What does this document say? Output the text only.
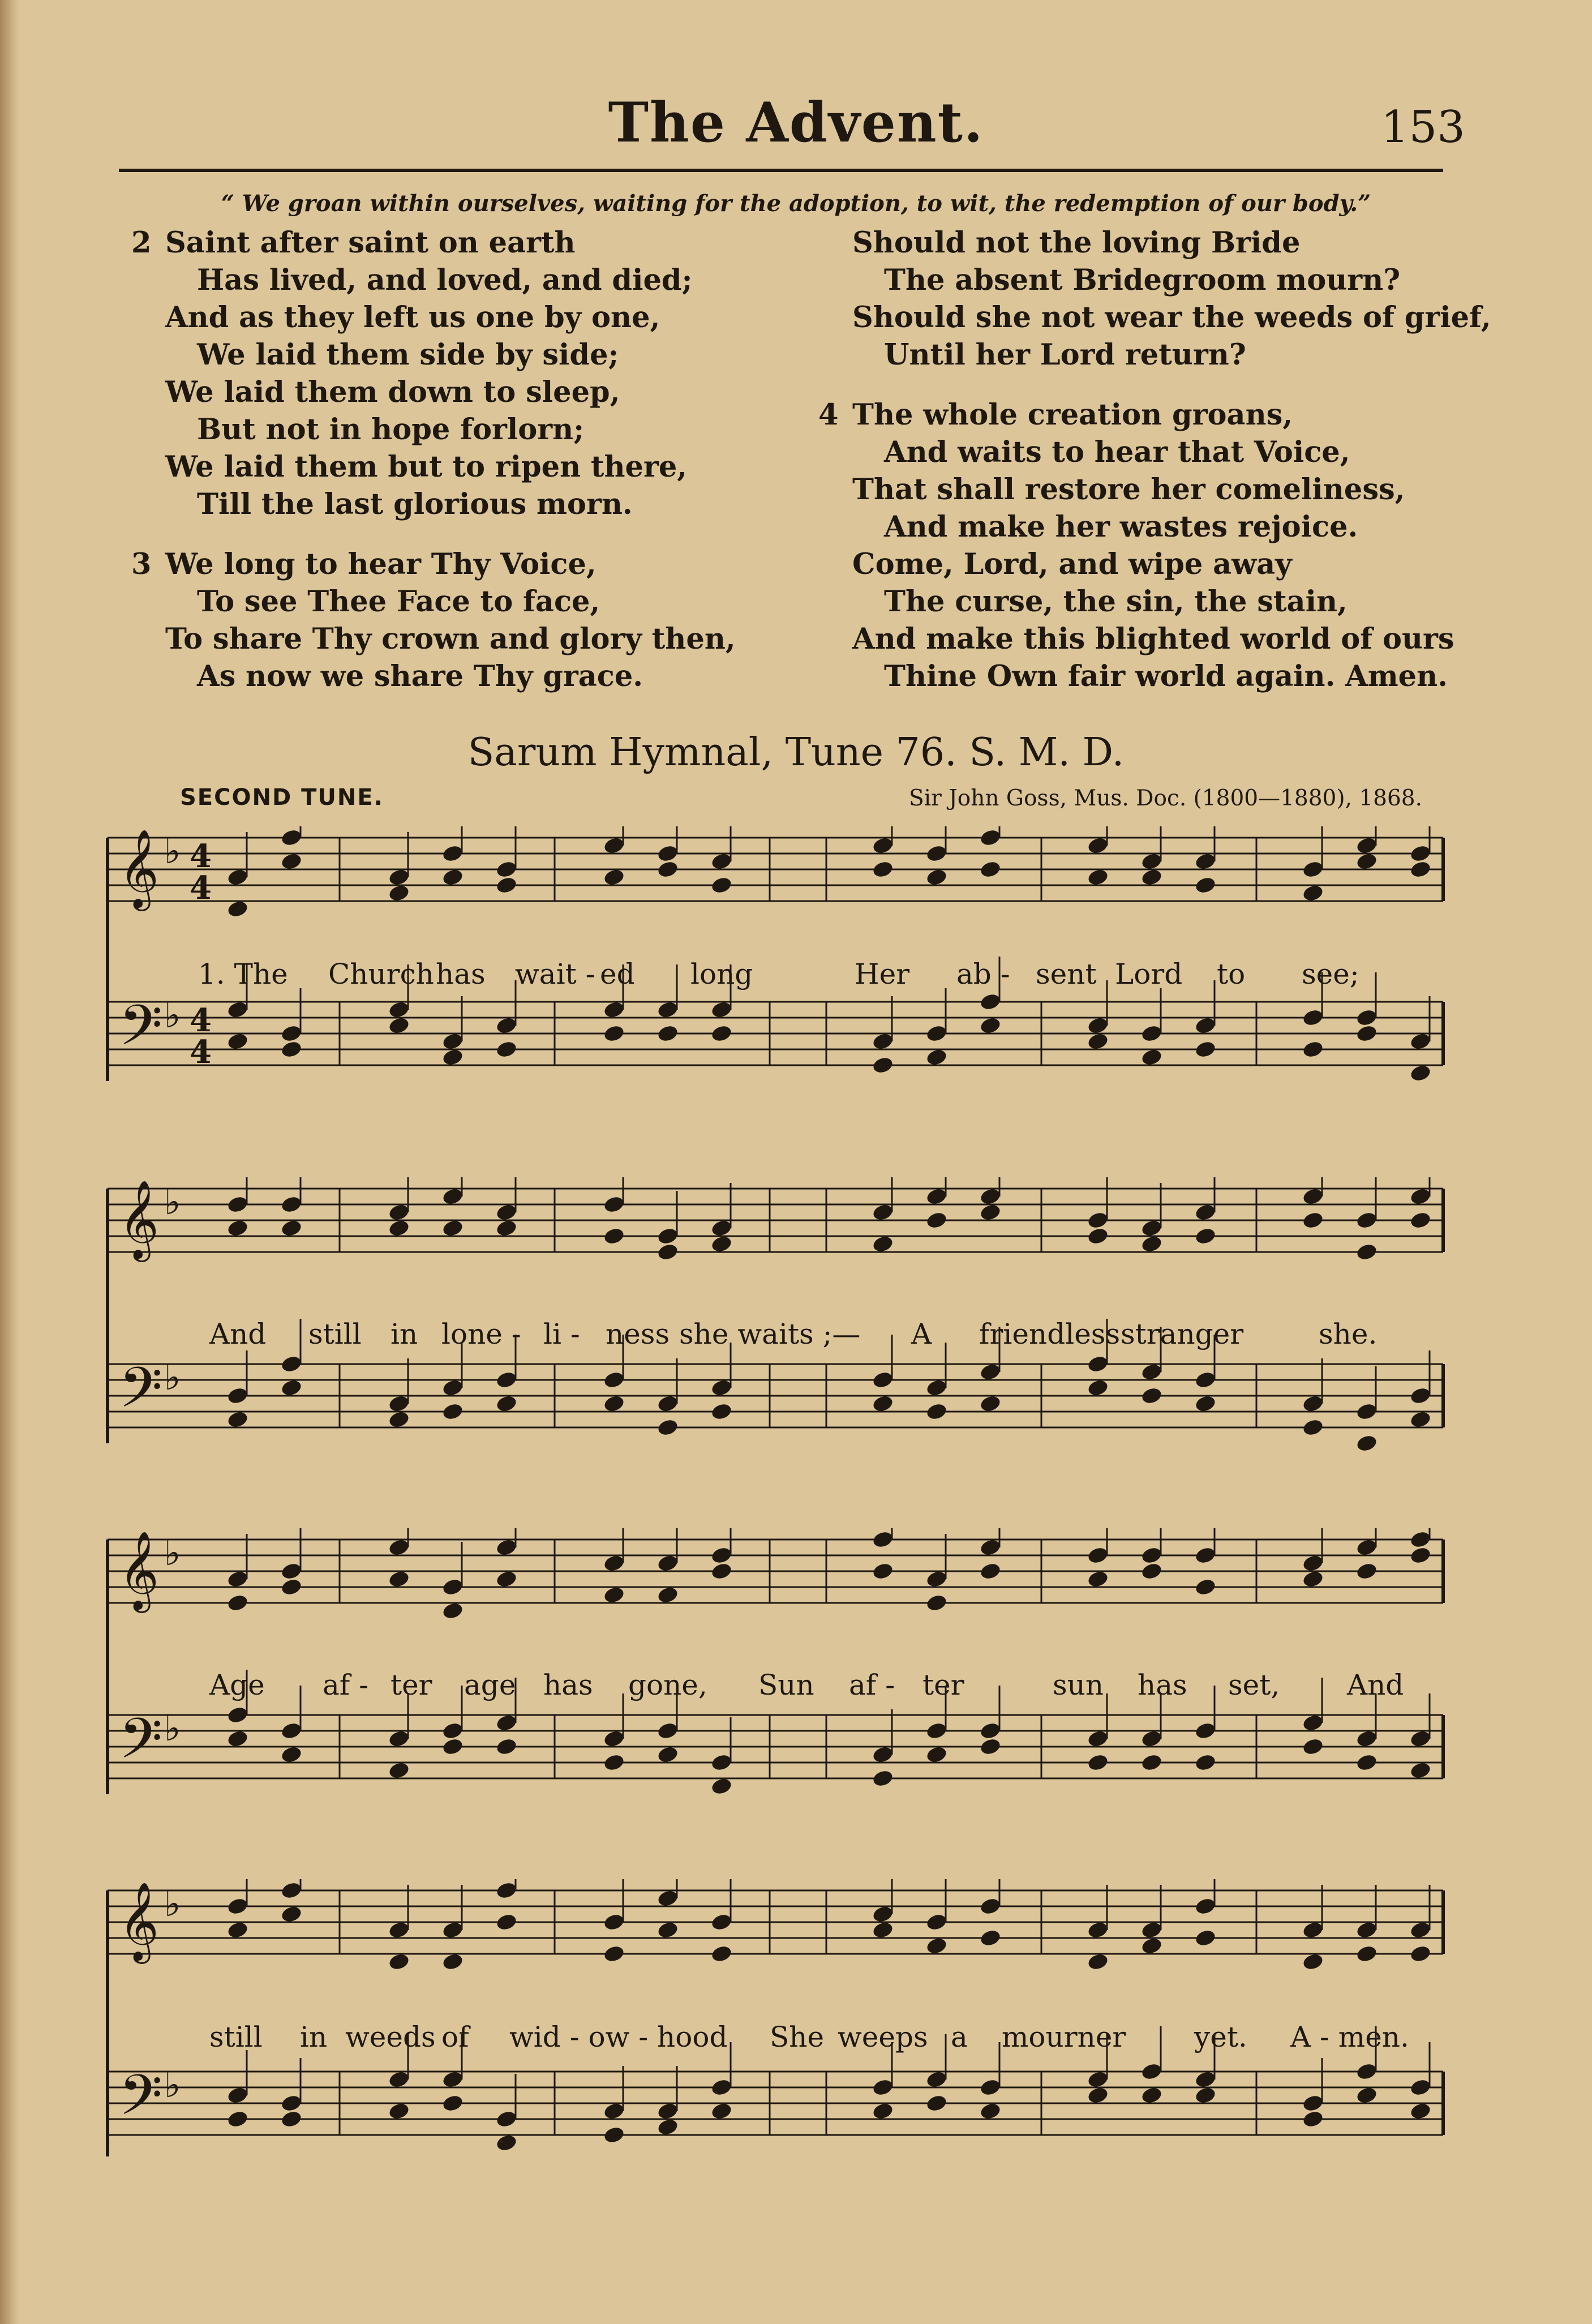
The Advent.	153
“ We groan within ourselves, waiting for the adoption, to wit, the redemption of our body.”
2 Saint after saint on earth
Has lived, and loved, and died;
And as they left us one by one,
We laid them side by side;
We laid them down to sleep,
But not in hope forlorn;
We laid them but to ripen there,
Till the last glorious morn.
3 We long to hear Thy Voice,
To see Thee Face to face,
To share Thy crown and glory then,
As now we share Thy grace.
Should not the loving Bride
The absent Bridegroom mourn?
Should she not wear the weeds of grief,
Until her Lord return?
4 The whole creation groans,
And waits to hear that Voice,
That shall restore her comeliness,
And make her wastes rejoice.
Come, Lord, and wipe away
The curse, the sin, the stain,
And make this blighted world of ours
Thine Own fair world again. Amen.
Sarum Hymnal, Tune 76. S. M. D.
SECOND TUNE.	Sir John Goss, Mus. Doc. (1800—1880), 1868.
𝄞 ♭ 4
4
𝄢 ♭ 4
4
1. The Church has wait - ed long	Her ab - sent Lord to see;
𝄞 ♭
𝄢 ♭
And still in lone - li - ness she waits ;— A friendless stranger	she.
𝄞 ♭
𝄢 ♭
Age af - ter age has gone, Sun af - ter	sun has set, And
𝄞 ♭
𝄢 ♭
still in weeds of wid - ow - hood She weeps a mourner yet. A - men.
